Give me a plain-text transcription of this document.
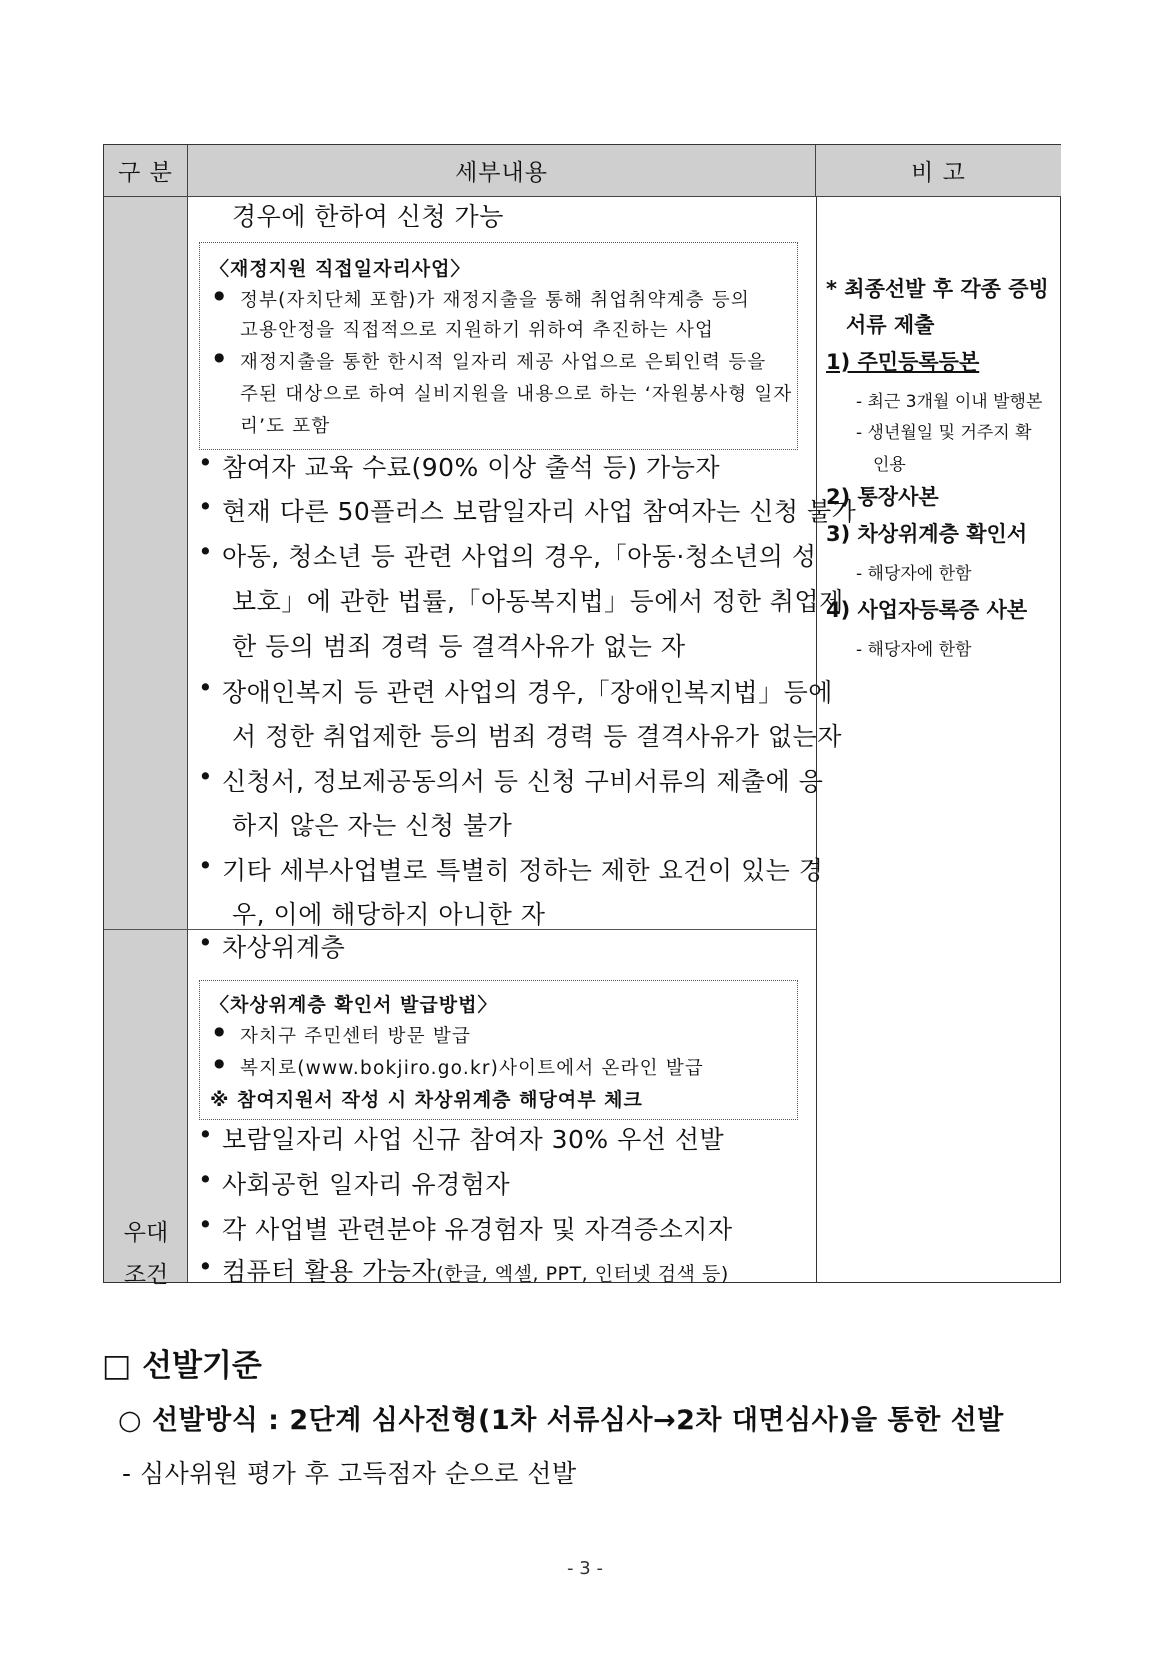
구 분	세부내용	비 고
우대
조건
경우에 한하여 신청 가능
〈재정지원 직접일자리사업〉
● 정부(자치단체 포함)가 재정지출을 통해 취업취약계층 등의
고용안정을 직접적으로 지원하기 위하여 추진하는 사업
● 재정지출을 통한 한시적 일자리 제공 사업으로 은퇴인력 등을
주된 대상으로 하여 실비지원을 내용으로 하는 ‘자원봉사형 일자
리’도 포함
• 참여자 교육 수료(90% 이상 출석 등) 가능자
• 현재 다른 50플러스 보람일자리 사업 참여자는 신청 불가
• 아동, 청소년 등 관련 사업의 경우,「아동·청소년의 성
보호」에 관한 법률,「아동복지법」등에서 정한 취업제
한 등의 범죄 경력 등 결격사유가 없는 자
• 장애인복지 등 관련 사업의 경우,「장애인복지법」등에
서 정한 취업제한 등의 범죄 경력 등 결격사유가 없는자
• 신청서, 정보제공동의서 등 신청 구비서류의 제출에 응
하지 않은 자는 신청 불가
• 기타 세부사업별로 특별히 정하는 제한 요건이 있는 경
우, 이에 해당하지 아니한 자
• 차상위계층
〈차상위계층 확인서 발급방법〉
● 자치구 주민센터 방문 발급
● 복지로(www.bokjiro.go.kr)사이트에서 온라인 발급
※ 참여지원서 작성 시 차상위계층 해당여부 체크
• 보람일자리 사업 신규 참여자 30% 우선 선발
• 사회공헌 일자리 유경험자
• 각 사업별 관련분야 유경험자 및 자격증소지자
• 컴퓨터 활용 가능자(한글, 엑셀, PPT, 인터넷 검색 등)
* 최종선발 후 각종 증빙
서류 제출
1) 주민등록등본
- 최근 3개월 이내 발행본
- 생년월일 및 거주지 확
인용
2) 통장사본
3) 차상위계층 확인서
- 해당자에 한함
4) 사업자등록증 사본
- 해당자에 한함
□ 선발기준
○ 선발방식 : 2단계 심사전형(1차 서류심사→2차 대면심사)을 통한 선발
- 심사위원 평가 후 고득점자 순으로 선발
- 3 -
